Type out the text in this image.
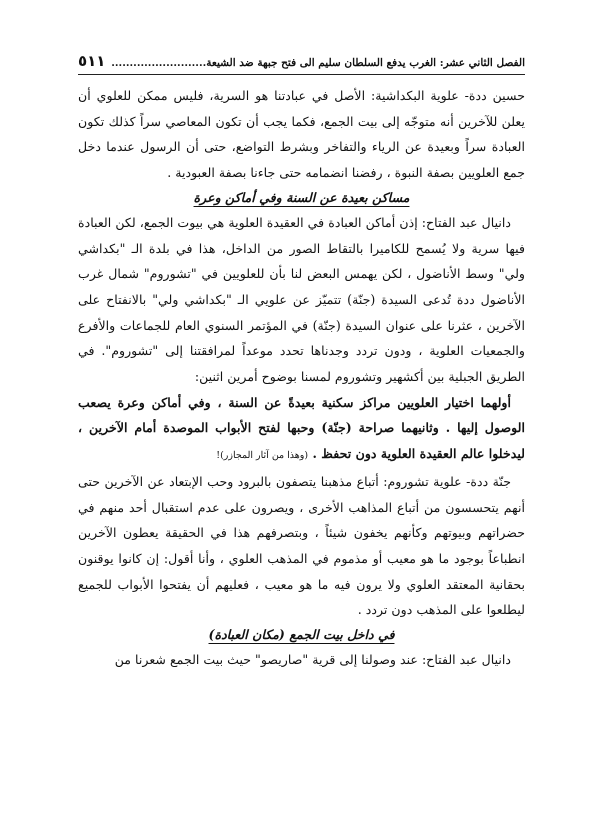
الفصل الثاني عشر: الغرب يدفع السلطان سليم الى فتح جبهة ضد الشيعة..........................
٥١١

حسين ددة- علوية البكداشية: الأصل في عبادتنا هو السرية، فليس ممكن للعلوي أن يعلن للآخرين أنه متوجّه إلى بيت الجمع، فكما يجب أن تكون المعاصي سراً كذلك تكون العبادة سراً وبعيدة عن الرياء والتفاخر وبشرط التواضع، حتى أن الرسول عندما دخل جمع العلويين بصفة النبوة ، رفضنا انضمامه حتى جاءنا بصفة العبودية .

مساكن بعيدة عن السنة وفي أماكن وعرة

دانيال عبد الفتاح: إذن أماكن العبادة في العقيدة العلوية هي بيوت الجمع، لكن العبادة فيها سرية ولا يُسمح للكاميرا بالتقاط الصور من الداخل، هذا في بلدة الـ "بكداشي ولي" وسط الأناضول ، لكن يهمس البعض لنا بأن للعلويين في "تشوروم" شمال غرب الأناضول ددة تُدعى السيدة (جنّة) تتميّز عن علويي الـ "بكداشي ولي" بالانفتاح على الآخرين ، عثرنا على عنوان السيدة (جنّة) في المؤتمر السنوي العام للجماعات والأفرع والجمعيات العلوية ، ودون تردد وجدناها تحدد موعداً لمرافقتنا إلى "تشوروم". في الطريق الجبلية بين أكشهير وتشوروم لمسنا بوضوح أمرين اثنين:

أولهما اختيار العلويين مراكز سكنية بعيدةً عن السنة ، وفي أماكن وعرة يصعب الوصول إليها . وثانيهما صراحة (جنّة) وحبها لفتح الأبواب الموصدة أمام الآخرين ، ليدخلوا عالم العقيدة العلوية دون تحفظ . (وهذا من آثار المجازر)!

جنّة ددة- علوية تشوروم: أتباع مذهبنا يتصفون بالبرود وحب الإبتعاد عن الآخرين حتى أنهم يتحسسون من أتباع المذاهب الأخرى ، ويصرون على عدم استقبال أحد منهم في حضراتهم وبيوتهم وكأنهم يخفون شيئاً ، وبتصرفهم هذا في الحقيقة يعطون الآخرين انطباعاً بوجود ما هو معيب أو مذموم في المذهب العلوي ، وأنا أقول: إن كانوا يوقنون بحقانية المعتقد العلوي ولا يرون فيه ما هو معيب ، فعليهم أن يفتحوا الأبواب للجميع ليطلعوا على المذهب دون تردد .

في داخل بيت الجمع (مكان العبادة)

دانيال عبد الفتاح: عند وصولنا إلى قرية "صاريصو" حيث بيت الجمع شعرنا من
